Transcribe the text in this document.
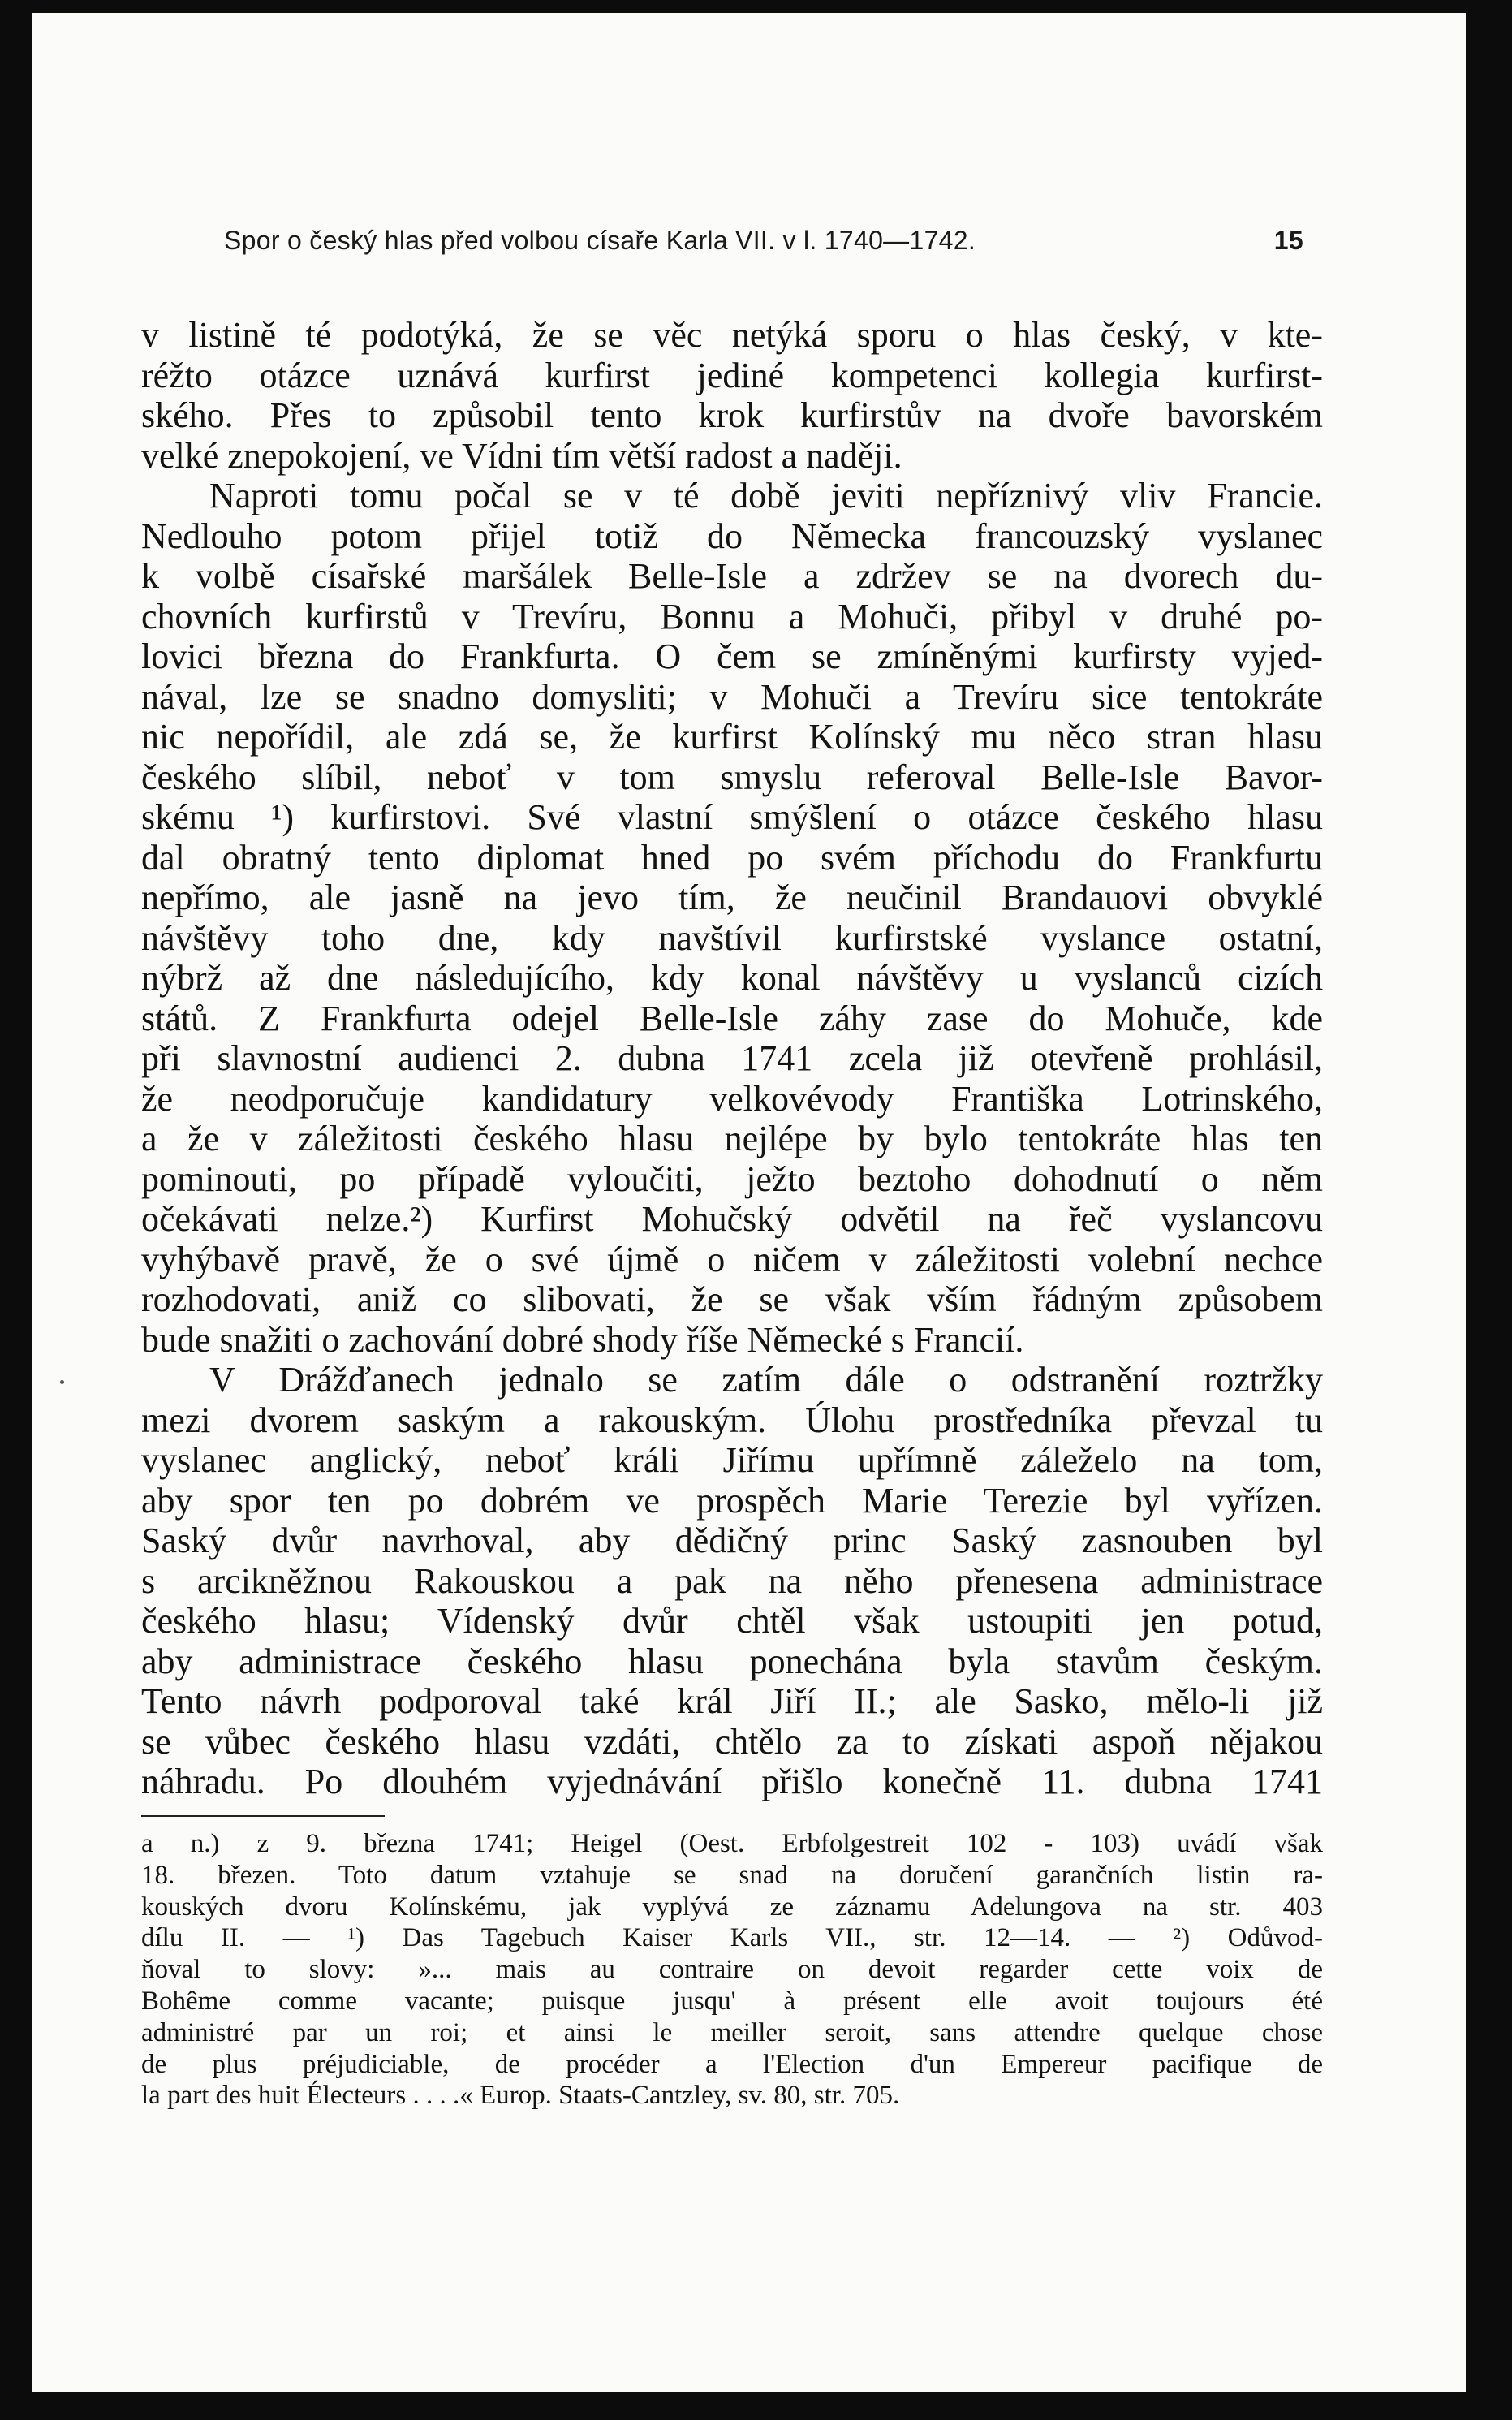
Spor o český hlas před volbou císaře Karla VII. v l. 1740—1742.	15
v listině té podotýká, že se věc netýká sporu o hlas český, v kte-
réžto otázce uznává kurfirst jediné kompetenci kollegia kurfirst-
ského. Přes to způsobil tento krok kurfirstův na dvoře bavorském
velké znepokojení, ve Vídni tím větší radost a naději.
Naproti tomu počal se v té době jeviti nepříznivý vliv Francie.
Nedlouho potom přijel totiž do Německa francouzský vyslanec
k volbě císařské maršálek Belle-Isle a zdržev se na dvorech du-
chovních kurfirstů v Trevíru, Bonnu a Mohuči, přibyl v druhé po-
lovici března do Frankfurta. O čem se zmíněnými kurfirsty vyjed-
nával, lze se snadno domysliti; v Mohuči a Trevíru sice tentokráte
nic nepořídil, ale zdá se, že kurfirst Kolínský mu něco stran hlasu
českého slíbil, neboť v tom smyslu referoval Belle-Isle Bavor-
skému ¹) kurfirstovi. Své vlastní smýšlení o otázce českého hlasu
dal obratný tento diplomat hned po svém příchodu do Frankfurtu
nepřímo, ale jasně na jevo tím, že neučinil Brandauovi obvyklé
návštěvy toho dne, kdy navštívil kurfirstské vyslance ostatní,
nýbrž až dne následujícího, kdy konal návštěvy u vyslanců cizích
států. Z Frankfurta odejel Belle-Isle záhy zase do Mohuče, kde
při slavnostní audienci 2. dubna 1741 zcela již otevřeně prohlásil,
že neodporučuje kandidatury velkovévody Františka Lotrinského,
a že v záležitosti českého hlasu nejlépe by bylo tentokráte hlas ten
pominouti, po případě vyloučiti, ježto beztoho dohodnutí o něm
očekávati nelze.²) Kurfirst Mohučský odvětil na řeč vyslancovu
vyhýbavě pravě, že o své újmě o ničem v záležitosti volební nechce
rozhodovati, aniž co slibovati, že se však vším řádným způsobem
bude snažiti o zachování dobré shody říše Německé s Francií.
V Drážďanech jednalo se zatím dále o odstranění roztržky
mezi dvorem saským a rakouským. Úlohu prostředníka převzal tu
vyslanec anglický, neboť králi Jiřímu upřímně záleželo na tom,
aby spor ten po dobrém ve prospěch Marie Terezie byl vyřízen.
Saský dvůr navrhoval, aby dědičný princ Saský zasnouben byl
s arcikněžnou Rakouskou a pak na něho přenesena administrace
českého hlasu; Vídenský dvůr chtěl však ustoupiti jen potud,
aby administrace českého hlasu ponechána byla stavům českým.
Tento návrh podporoval také král Jiří II.; ale Sasko, mělo-li již
se vůbec českého hlasu vzdáti, chtělo za to získati aspoň nějakou
náhradu. Po dlouhém vyjednávání přišlo konečně 11. dubna 1741
a n.) z 9. března 1741; Heigel (Oest. Erbfolgestreit 102 - 103) uvádí však
18. březen. Toto datum vztahuje se snad na doručení garančních listin ra-
kouských dvoru Kolínskému, jak vyplývá ze záznamu Adelungova na str. 403
dílu II. — ¹) Das Tagebuch Kaiser Karls VII., str. 12—14. — ²) Odůvod-
ňoval to slovy: »... mais au contraire on devoit regarder cette voix de
Bohême comme vacante; puisque jusqu' à présent elle avoit toujours été
administré par un roi; et ainsi le meiller seroit, sans attendre quelque chose
de plus préjudiciable, de procéder a l'Election d'un Empereur pacifique de
la part des huit Électeurs . . . .« Europ. Staats-Cantzley, sv. 80, str. 705.
